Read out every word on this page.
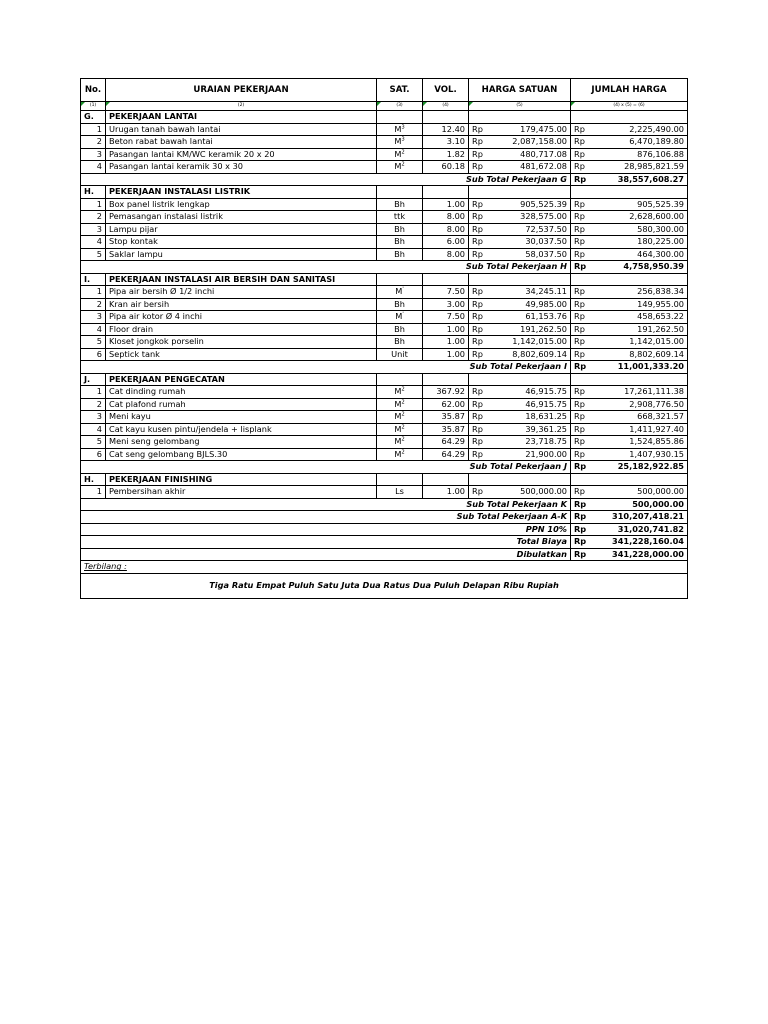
No.	URAIAN PEKERJAAN	SAT.	VOL.	HARGA SATUAN		JUMLAH HARGA	
(1)	(2)	(3)	(4)	(5)		(4) x (5) = (6)	
G.	PEKERJAAN LANTAI						
1	Urugan tanah bawah lantai	$M^3$	12.40	Rp	179,475.00	Rp	2,225,490.00
2	Beton rabat bawah lantai	$M^3$	3.10	Rp	2,087,158.00	Rp	6,470,189.80
3	Pasangan lantai KM/WC keramik 20 x 20	$M^2$	1.82	Rp	480,717.08	Rp	876,106.88
4	Pasangan lantai keramik 30 x 30	$M^2$	60.18	Rp	481,672.08	Rp	28,985,821.59
Sub Total Pekerjaan G						Rp	38,557,608.27
H.	PEKERJAAN INSTALASI LISTRIK						
1	Box panel listrik lengkap	Bh	1.00	Rp	905,525.39	Rp	905,525.39
2	Pemasangan instalasi listrik	ttk	8.00	Rp	328,575.00	Rp	2,628,600.00
3	Lampu pijar	Bh	8.00	Rp	72,537.50	Rp	580,300.00
4	Stop kontak	Bh	6.00	Rp	30,037.50	Rp	180,225.00
5	Saklar lampu	Bh	8.00	Rp	58,037.50	Rp	464,300.00
Sub Total Pekerjaan H						Rp	4,758,950.39
I.	PEKERJAAN INSTALASI AIR BERSIH DAN SANITASI						
1	Pipa air bersih Ø 1/2 inchi	M'	7.50	Rp	34,245.11	Rp	256,838.34
2	Kran air bersih	Bh	3.00	Rp	49,985.00	Rp	149,955.00
3	Pipa air kotor Ø 4 inchi	M'	7.50	Rp	61,153.76	Rp	458,653.22
4	Floor drain	Bh	1.00	Rp	191,262.50	Rp	191,262.50
5	Kloset jongkok porselin	Bh	1.00	Rp	1,142,015.00	Rp	1,142,015.00
6	Septick tank	Unit	1.00	Rp	8,802,609.14	Rp	8,802,609.14
Sub Total Pekerjaan I						Rp	11,001,333.20
J.	PEKERJAAN PENGECATAN						
1	Cat dinding rumah	$M^2$	367.92	Rp	46,915.75	Rp	17,261,111.38
2	Cat plafond rumah	$M^2$	62.00	Rp	46,915.75	Rp	2,908,776.50
3	Meni kayu	$M^2$	35.87	Rp	18,631.25	Rp	668,321.57
4	Cat kayu kusen pintu/jendela + lisplank	$M^2$	35.87	Rp	39,361.25	Rp	1,411,927.40
5	Meni seng gelombang	$M^2$	64.29	Rp	23,718.75	Rp	1,524,855.86
6	Cat seng gelombang BJLS.30	$M^2$	64.29	Rp	21,900.00	Rp	1,407,930.15
Sub Total Pekerjaan J						Rp	25,182,922.85
H.	PEKERJAAN FINISHING						
1	Pembersihan akhir	Ls	1.00	Rp	500,000.00	Rp	500,000.00
Sub Total Pekerjaan K						Rp	500,000.00
Sub Total Pekerjaan A-K						Rp	310,207,418.21
PPN 10%						Rp	31,020,741.82
Total Biaya						Rp	341,228,160.04
Dibulatkan						Rp	341,228,000.00
Terbilang :							
Tiga Ratu Empat Puluh Satu Juta Dua Ratus Dua Puluh Delapan Ribu Rupiah							
